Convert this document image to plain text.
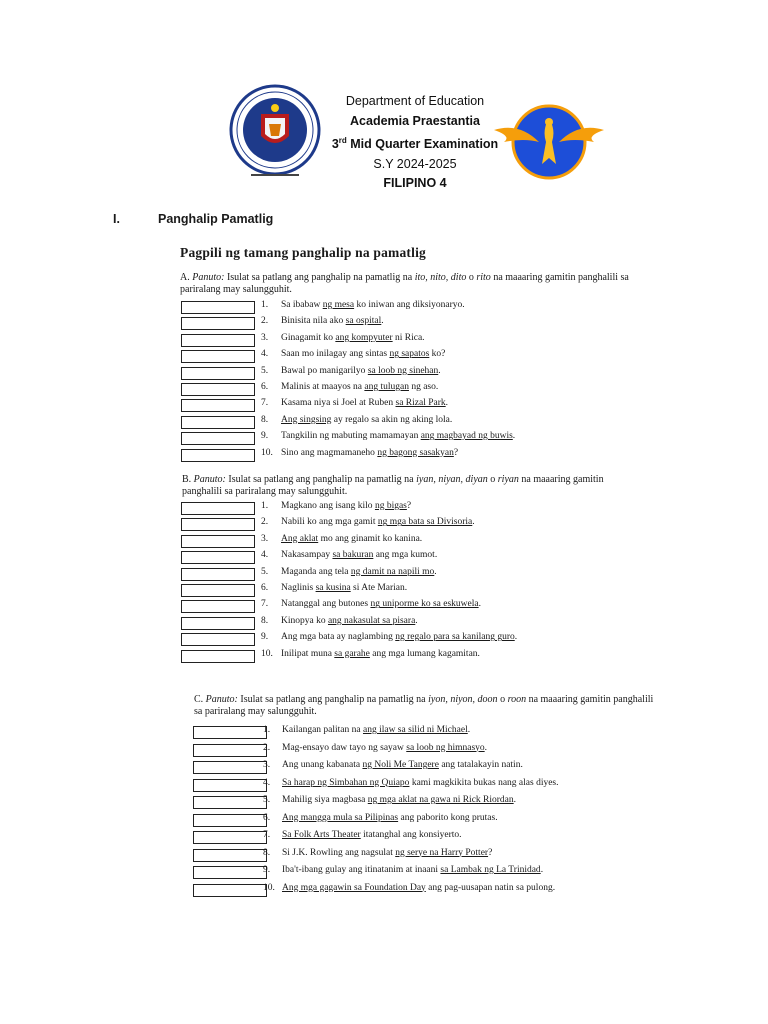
Department of Education
Academia Praestantia
3rd Mid Quarter Examination
S.Y 2024-2025
FILIPINO 4
I.	Panghalip Pamatlig
Pagpili ng tamang panghalip na pamatlig
A. Panuto: Isulat sa patlang ang panghalip na pamatlig na ito, nito, dito o rito na maaaring gamitin panghalili sa pariralang may salungguhit.
1. Sa ibabaw ng mesa ko iniwan ang diksiyonaryo.
2. Binisita nila ako sa ospital.
3. Ginagamit ko ang kompyuter ni Rica.
4. Saan mo inilagay ang sintas ng sapatos ko?
5. Bawal po manigarilyo sa loob ng sinehan.
6. Malinis at maayos na ang tulugan ng aso.
7. Kasama niya si Joel at Ruben sa Rizal Park.
8. Ang singsing ay regalo sa akin ng aking lola.
9. Tangkilin ng mabuting mamamayan ang magbayad ng buwis.
10. Sino ang magmamaneho ng bagong sasakyan?
B. Panuto: Isulat sa patlang ang panghalip na pamatlig na iyan, niyan, diyan o riyan na maaaring gamitin panghalili sa pariralang may salungguhit.
1. Magkano ang isang kilo ng bigas?
2. Nabili ko ang mga gamit ng mga bata sa Divisoria.
3. Ang aklat mo ang ginamit ko kanina.
4. Nakasampay sa bakuran ang mga kumot.
5. Maganda ang tela ng damit na napili mo.
6. Naglinis sa kusina si Ate Marian.
7. Natanggal ang butones ng uniporme ko sa eskuwela.
8. Kinopya ko ang nakasulat sa pisara.
9. Ang mga bata ay naglambing ng regalo para sa kanilang guro.
10. Inilipat muna sa garahe ang mga lumang kagamitan.
C. Panuto: Isulat sa patlang ang panghalip na pamatlig na iyon, niyon, doon o roon na maaaring gamitin panghalili sa pariralang may salungguhit.
1. Kailangan palitan na ang ilaw sa silid ni Michael.
2. Mag-ensayo daw tayo ng sayaw sa loob ng himnasyo.
3. Ang unang kabanata ng Noli Me Tangere ang tatalakayin natin.
4. Sa harap ng Simbahan ng Quiapo kami magkikita bukas nang alas diyes.
5. Mahilig siya magbasa ng mga aklat na gawa ni Rick Riordan.
6. Ang mangga mula sa Pilipinas ang paborito kong prutas.
7. Sa Folk Arts Theater itatanghal ang konsiyerto.
8. Si J.K. Rowling ang nagsulat ng serye na Harry Potter?
9. Iba't-ibang gulay ang itinatanim at inaani sa Lambak ng La Trinidad.
10. Ang mga gagawin sa Foundation Day ang pag-uusapan natin sa pulong.
